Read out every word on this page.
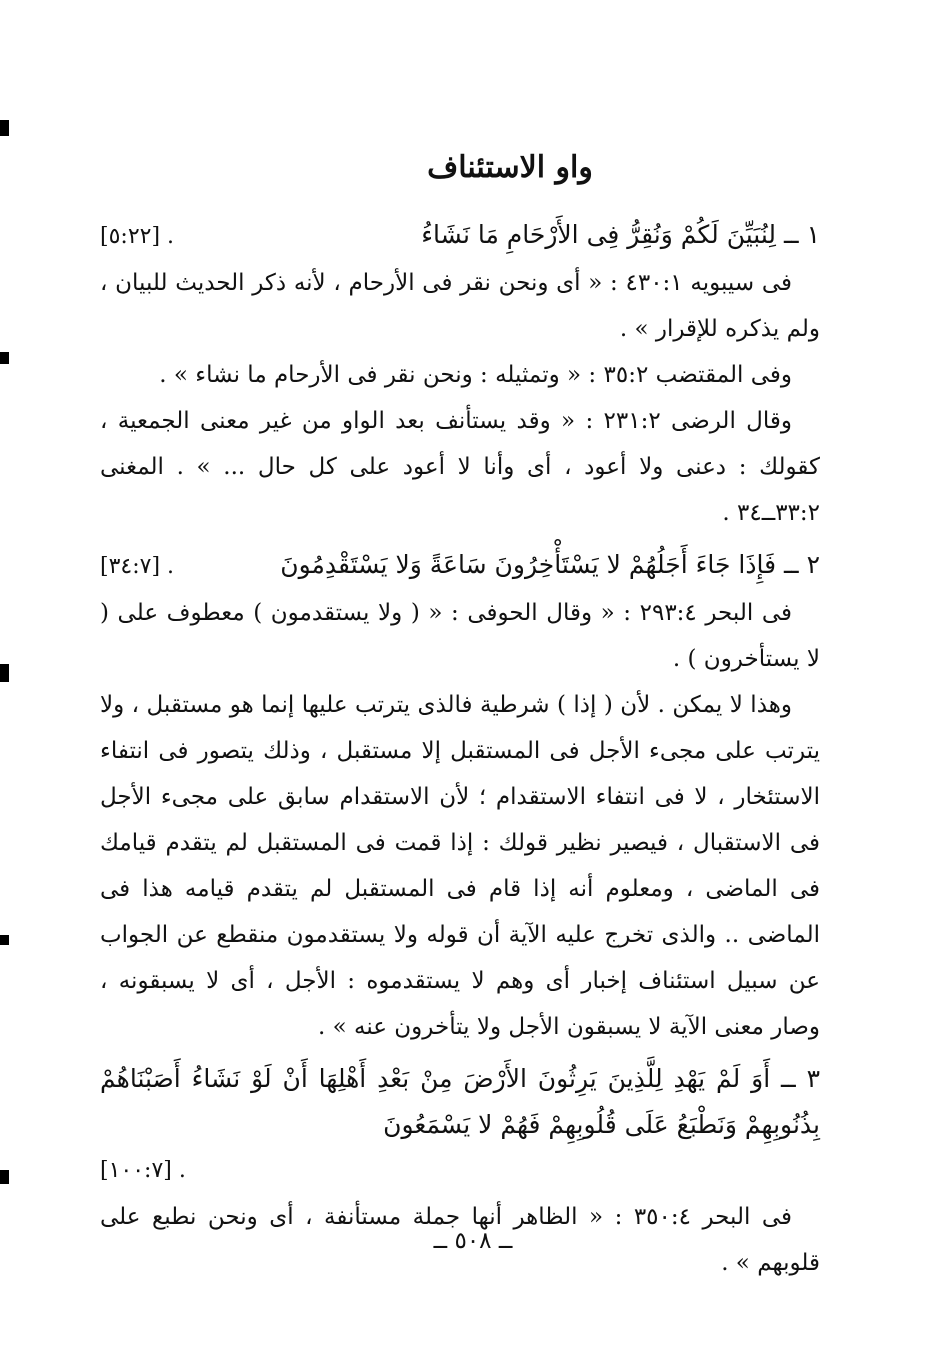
واو الاستئناف
١ ــ لِنُبَيِّنَ لَكُمْ وَنُقِرُّ فِى الأَرْحَامِ مَا نَشَاءُ
[٥:٢٢] .

فى سيبويه ٤٣٠:١ : « أى ونحن نقر فى الأرحام ، لأنه ذكر الحديث للبيان ، ولم يذكره للإقرار » .

وفى المقتضب ٣٥:٢ : « وتمثيله : ونحن نقر فى الأرحام ما نشاء » .

وقال الرضى ٢٣١:٢ : « وقد يستأنف بعد الواو من غير معنى الجمعية ، كقولك : دعنى ولا أعود ، أى وأنا لا أعود على كل حال ... » . المغنى ٣٣:٢ــ٣٤ .

٢ ــ فَإِذَا جَاءَ أَجَلُهُمْ لا يَسْتَأْخِرُونَ سَاعَةً وَلا يَسْتَقْدِمُونَ
[٣٤:٧] .

فى البحر ٢٩٣:٤ : « وقال الحوفى : « ( ولا يستقدمون ) معطوف على ( لا يستأخرون ) .

وهذا لا يمكن . لأن ( إذا ) شرطية فالذى يترتب عليها إنما هو مستقبل ، ولا يترتب على مجىء الأجل فى المستقبل إلا مستقبل ، وذلك يتصور فى انتفاء الاستئخار ، لا فى انتفاء الاستقدام ؛ لأن الاستقدام سابق على مجىء الأجل فى الاستقبال ، فيصير نظير قولك : إذا قمت فى المستقبل لم يتقدم قيامك فى الماضى ، ومعلوم أنه إذا قام فى المستقبل لم يتقدم قيامه هذا فى الماضى .. والذى تخرج عليه الآية أن قوله ولا يستقدمون منقطع عن الجواب عن سبيل استئناف إخبار أى وهم لا يستقدموه : الأجل ، أى لا يسبقونه ، وصار معنى الآية لا يسبقون الأجل ولا يتأخرون عنه » .

٣ ــ أَوَ لَمْ يَهْدِ لِلَّذِينَ يَرِثُونَ الأَرْضَ مِنْ بَعْدِ أَهْلِهَا أَنْ لَوْ نَشَاءُ أَصَبْنَاهُمْ بِذُنُوبِهِمْ وَنَطْبَعُ عَلَى قُلُوبِهِمْ فَهُمْ لا يَسْمَعُونَ

[١٠٠:٧] .

فى البحر ٣٥٠:٤ : « الظاهر أنها جملة مستأنفة ، أى ونحن نطبع على قلوبهم » .

ــ ٥٠٨ ــ
